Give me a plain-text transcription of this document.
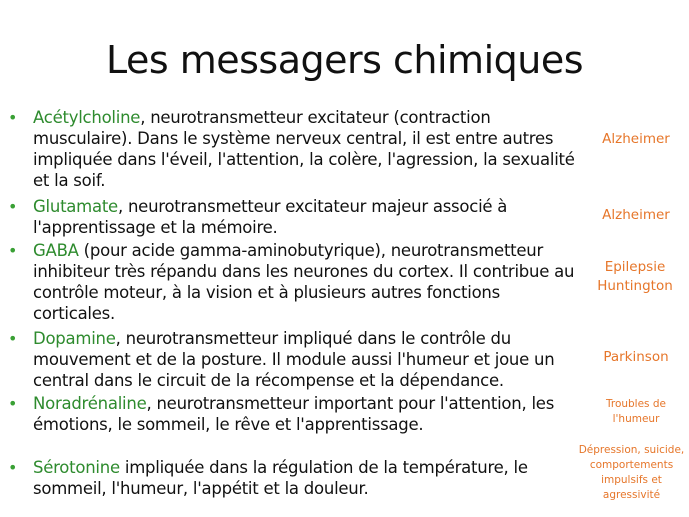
Les messagers chimiques
• Acétylcholine, neurotransmetteur excitateur (contraction musculaire). Dans le système nerveux central, il est entre autres impliquée dans l'éveil, l'attention, la colère, l'agression, la sexualité et la soif.
Alzheimer
• Glutamate, neurotransmetteur excitateur majeur associé à l'apprentissage et la mémoire.
Alzheimer
• GABA (pour acide gamma-aminobutyrique), neurotransmetteur inhibiteur très répandu dans les neurones du cortex. Il contribue au contrôle moteur, à la vision et à plusieurs autres fonctions corticales.
Epilepsie
Huntington
• Dopamine, neurotransmetteur impliqué dans le contrôle du mouvement et de la posture. Il module aussi l'humeur et joue un central dans le circuit de la récompense et la dépendance.
Parkinson
• Noradrénaline, neurotransmetteur important pour l'attention, les émotions, le sommeil, le rêve et l'apprentissage.
Troubles de
l'humeur
• Sérotonine impliquée dans la régulation de la température, le sommeil, l'humeur, l'appétit et la douleur.
Dépression, suicide,
comportements
impulsifs et
agressivité
